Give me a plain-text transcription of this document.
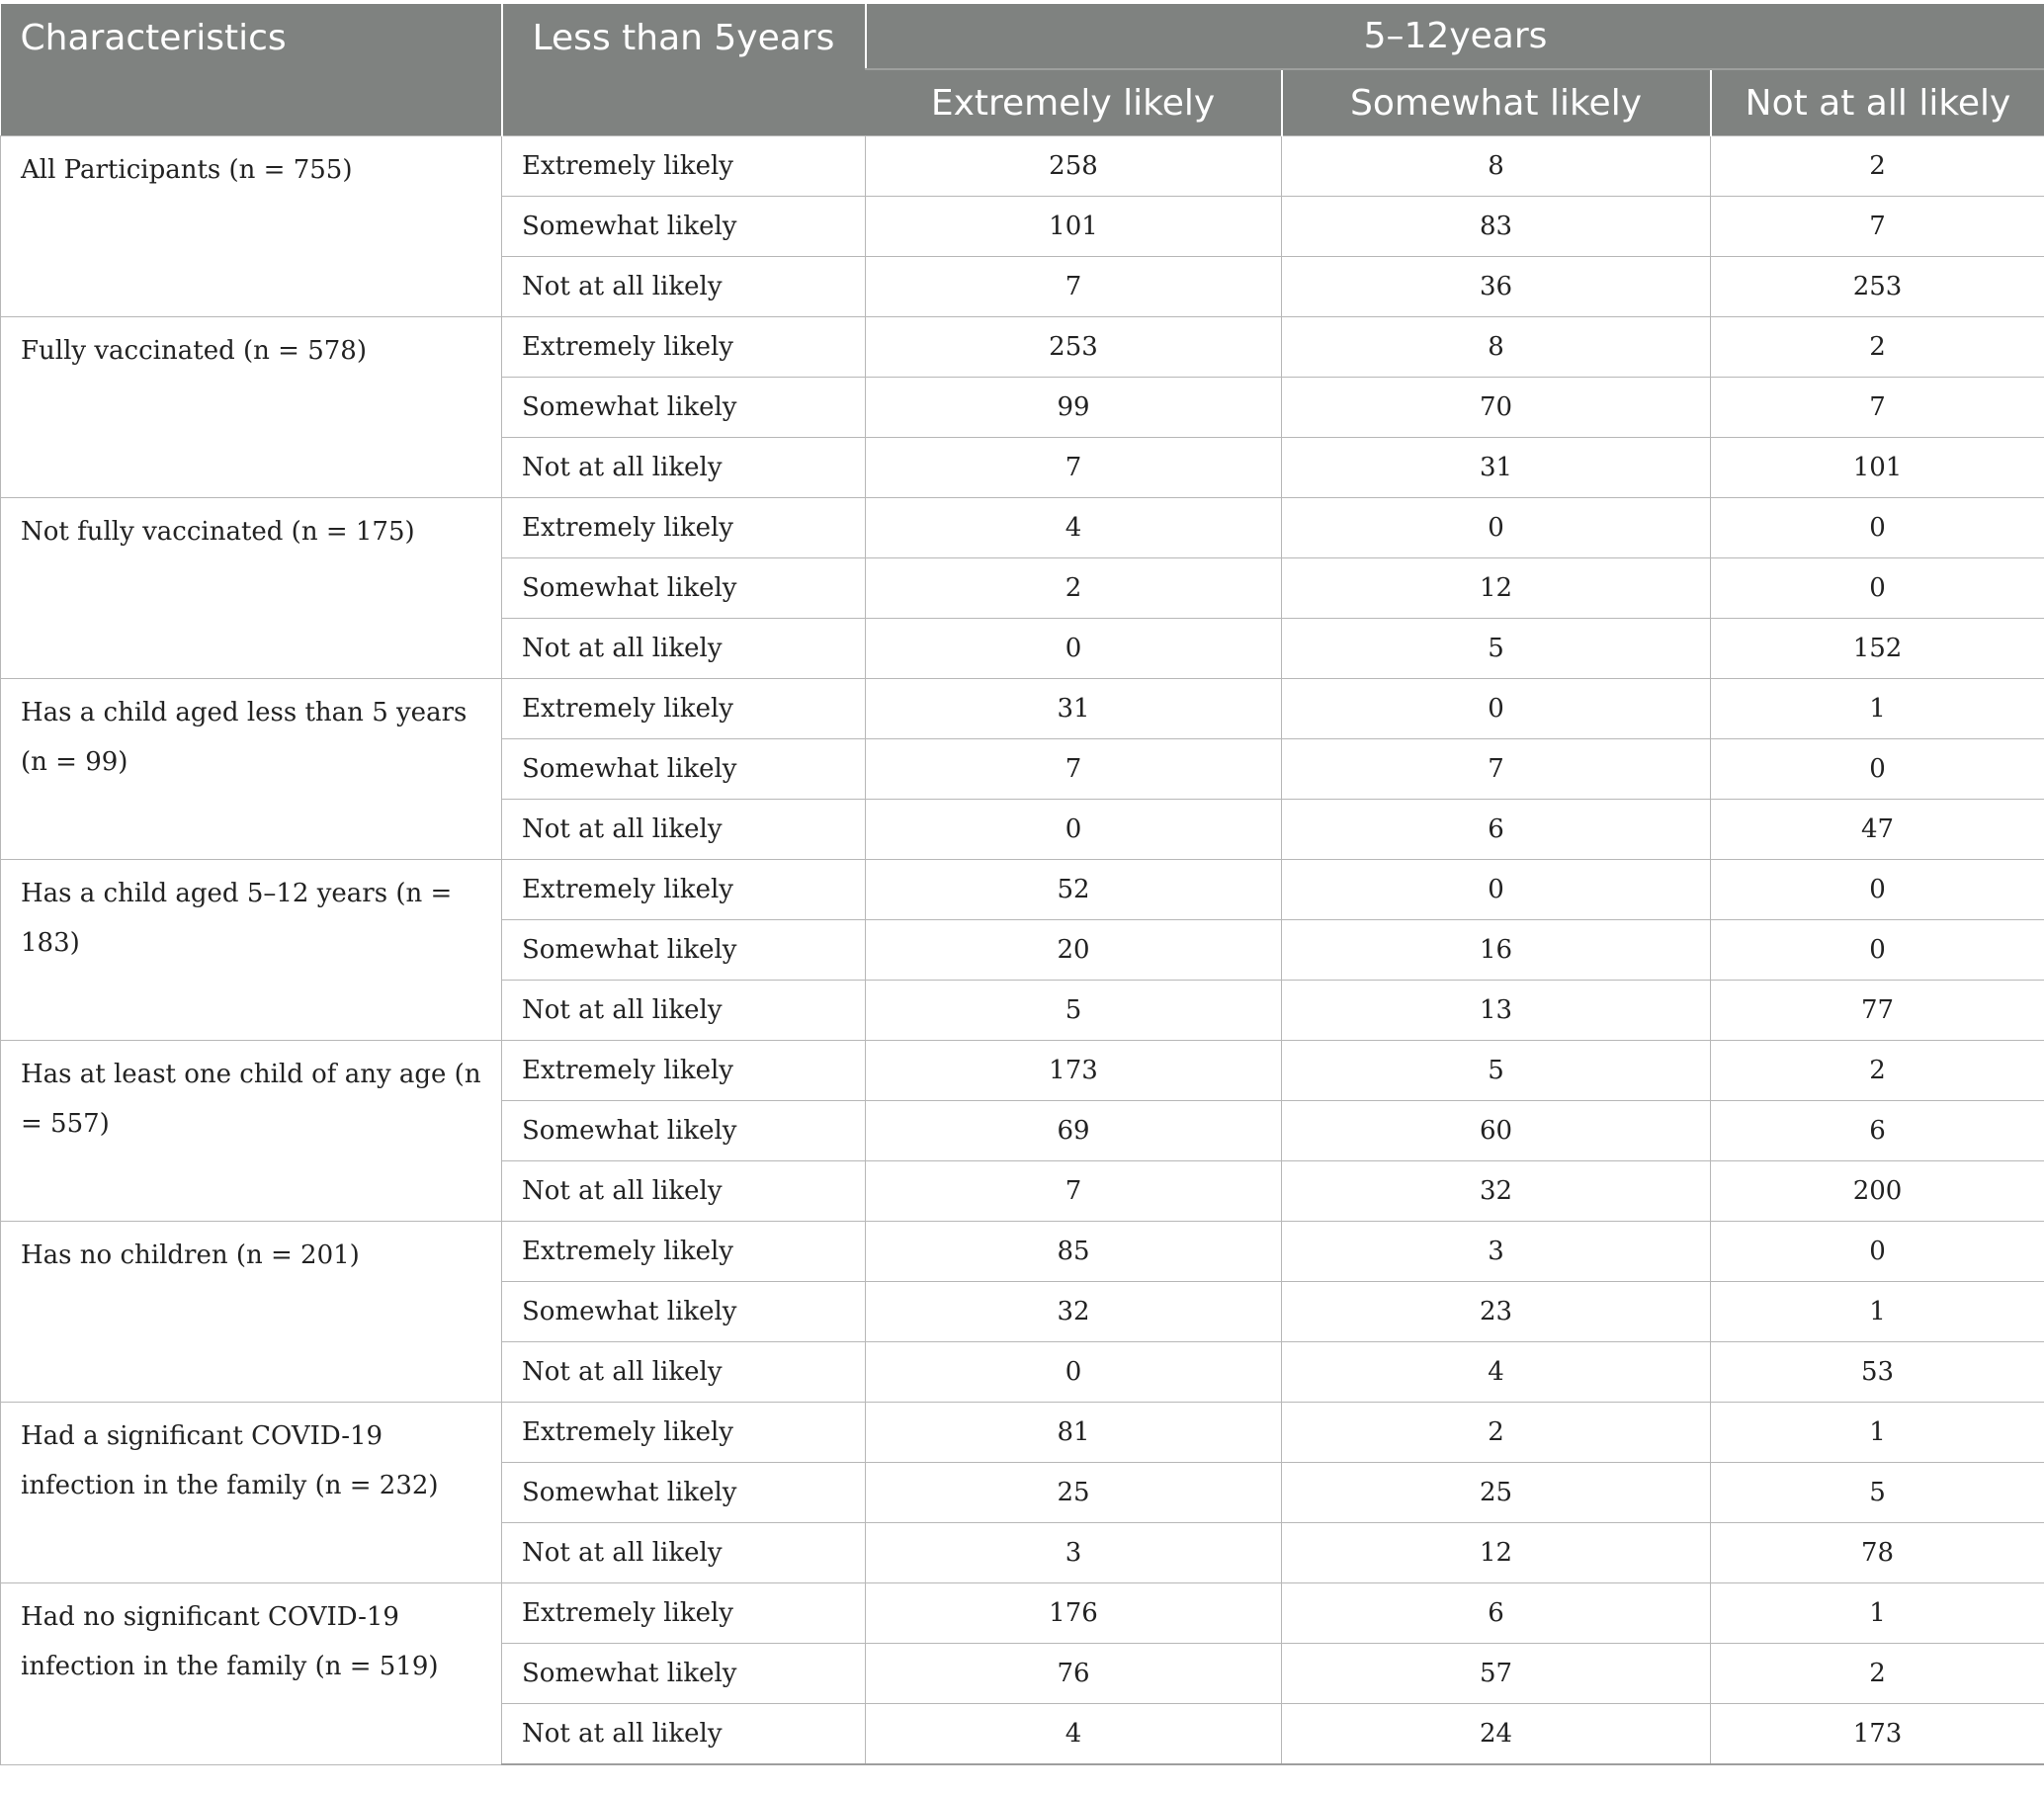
Characteristics	Less than 5years	5–12years		
		Extremely likely	Somewhat likely	Not at all likely
All Participants (n = 755)	Extremely likely	258	8	2
	Somewhat likely	101	83	7
	Not at all likely	7	36	253
Fully vaccinated (n = 578)	Extremely likely	253	8	2
	Somewhat likely	99	70	7
	Not at all likely	7	31	101
Not fully vaccinated (n = 175)	Extremely likely	4	0	0
	Somewhat likely	2	12	0
	Not at all likely	0	5	152
Has a child aged less than 5 years (n = 99)	Extremely likely	31	0	1
	Somewhat likely	7	7	0
	Not at all likely	0	6	47
Has a child aged 5–12 years (n = 183)	Extremely likely	52	0	0
	Somewhat likely	20	16	0
	Not at all likely	5	13	77
Has at least one child of any age (n = 557)	Extremely likely	173	5	2
	Somewhat likely	69	60	6
	Not at all likely	7	32	200
Has no children (n = 201)	Extremely likely	85	3	0
	Somewhat likely	32	23	1
	Not at all likely	0	4	53
Had a significant COVID-19 infection in the family (n = 232)	Extremely likely	81	2	1
	Somewhat likely	25	25	5
	Not at all likely	3	12	78
Had no significant COVID-19 infection in the family (n = 519)	Extremely likely	176	6	1
	Somewhat likely	76	57	2
	Not at all likely	4	24	173
